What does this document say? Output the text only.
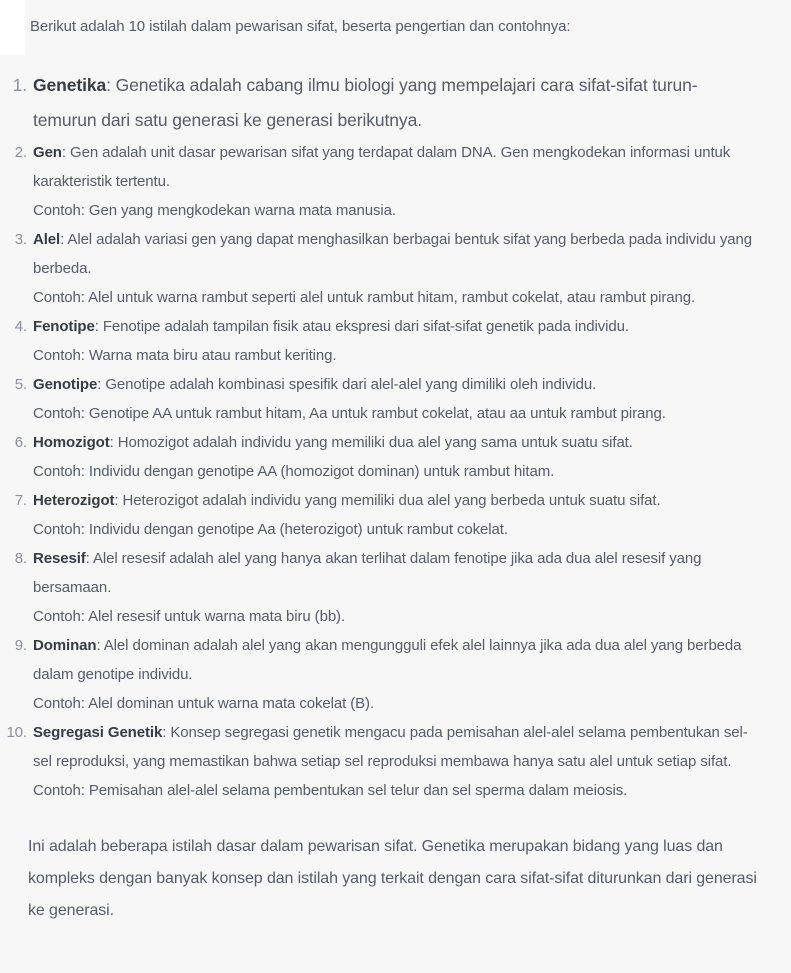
Berikut adalah 10 istilah dalam pewarisan sifat, beserta pengertian dan contohnya:

1. Genetika: Genetika adalah cabang ilmu biologi yang mempelajari cara sifat-sifat turun-temurun dari satu generasi ke generasi berikutnya.

2. Gen: Gen adalah unit dasar pewarisan sifat yang terdapat dalam DNA. Gen mengkodekan informasi untuk karakteristik tertentu.

Contoh: Gen yang mengkodekan warna mata manusia.

3. Alel: Alel adalah variasi gen yang dapat menghasilkan berbagai bentuk sifat yang berbeda pada individu yang berbeda.

Contoh: Alel untuk warna rambut seperti alel untuk rambut hitam, rambut cokelat, atau rambut pirang.

4. Fenotipe: Fenotipe adalah tampilan fisik atau ekspresi dari sifat-sifat genetik pada individu.

Contoh: Warna mata biru atau rambut keriting.

5. Genotipe: Genotipe adalah kombinasi spesifik dari alel-alel yang dimiliki oleh individu.

Contoh: Genotipe AA untuk rambut hitam, Aa untuk rambut cokelat, atau aa untuk rambut pirang.

6. Homozigot: Homozigot adalah individu yang memiliki dua alel yang sama untuk suatu sifat.

Contoh: Individu dengan genotipe AA (homozigot dominan) untuk rambut hitam.

7. Heterozigot: Heterozigot adalah individu yang memiliki dua alel yang berbeda untuk suatu sifat.

Contoh: Individu dengan genotipe Aa (heterozigot) untuk rambut cokelat.

8. Resesif: Alel resesif adalah alel yang hanya akan terlihat dalam fenotipe jika ada dua alel resesif yang bersamaan.

Contoh: Alel resesif untuk warna mata biru (bb).

9. Dominan: Alel dominan adalah alel yang akan mengungguli efek alel lainnya jika ada dua alel yang berbeda dalam genotipe individu.

Contoh: Alel dominan untuk warna mata cokelat (B).

10. Segregasi Genetik: Konsep segregasi genetik mengacu pada pemisahan alel-alel selama pembentukan sel-sel reproduksi, yang memastikan bahwa setiap sel reproduksi membawa hanya satu alel untuk setiap sifat.

Contoh: Pemisahan alel-alel selama pembentukan sel telur dan sel sperma dalam meiosis.

Ini adalah beberapa istilah dasar dalam pewarisan sifat. Genetika merupakan bidang yang luas dan kompleks dengan banyak konsep dan istilah yang terkait dengan cara sifat-sifat diturunkan dari generasi ke generasi.
